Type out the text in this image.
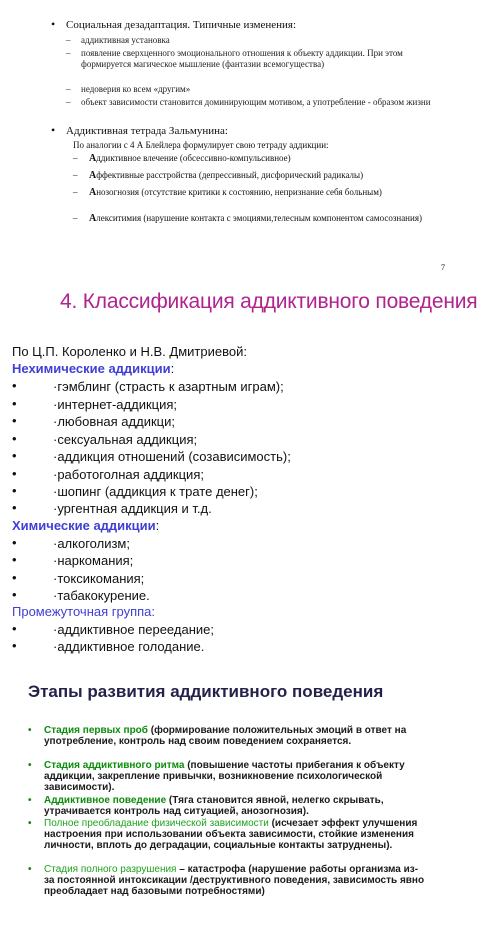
• Социальная дезадаптация. Типичные изменения:
– аддиктивная установка
– появление сверхценного эмоционального отношения к объекту аддикции. При этом формируется магическое мышление (фантазии всемогущества)
– недоверия ко всем «другим»
– объект зависимости становится доминирующим мотивом, а употребление - образом жизни
• Аддиктивная тетрада Зальмунина:
По аналогии с 4 А Блейлера формулирует свою тетраду аддикции:
– Аддиктивное влечение (обсессивно-компульсивное)
– Аффективные расстройства (депрессивный, дисфорический радикалы)
– Анозогнозия (отсутствие критики к состоянию, непризнание себя больным)
– Алекситимия (нарушение контакта с эмоциями,телесным компонентом самосознания)
7
4. Классификация аддиктивного поведения
По Ц.П. Короленко и Н.В. Дмитриевой:
Нехимические аддикции:
•	·гэмблинг (страсть к азартным играм);
•	·интернет-аддикция;
•	·любовная аддикци;
•	·сексуальная аддикция;
•	·аддикция отношений (созависимость);
•	·работоголная аддикция;
•	·шопинг (аддикция к трате денег);
•	·ургентная аддикция и т.д.
Химические аддикции:
•	·алкоголизм;
•	·наркомания;
•	·токсикомания;
•	·табакокурение.
Промежуточная группа:
•	·аддиктивное переедание;
•	·аддиктивное голодание.
Этапы развития аддиктивного поведения
• Стадия первых проб (формирование положительных эмоций в ответ на употребление, контроль над своим поведением сохраняется.
• Стадия аддиктивного ритма (повышение частоты прибегания к объекту аддикции, закрепление привычки, возникновение психологической зависимости).
• Аддиктивное поведение (Тяга становится явной, нелегко скрывать, утрачивается контроль над ситуацией, анозогнозия).
• Полное преобладание физической зависимости (исчезает эффект улучшения настроения при использовании объекта зависимости, стойкие изменения личности, вплоть до деградации, социальные контакты затруднены).
• Стадия полного разрушения – катастрофа (нарушение работы организма из-за постоянной интоксикации /деструктивного поведения, зависимость явно преобладает над базовыми потребностями)
